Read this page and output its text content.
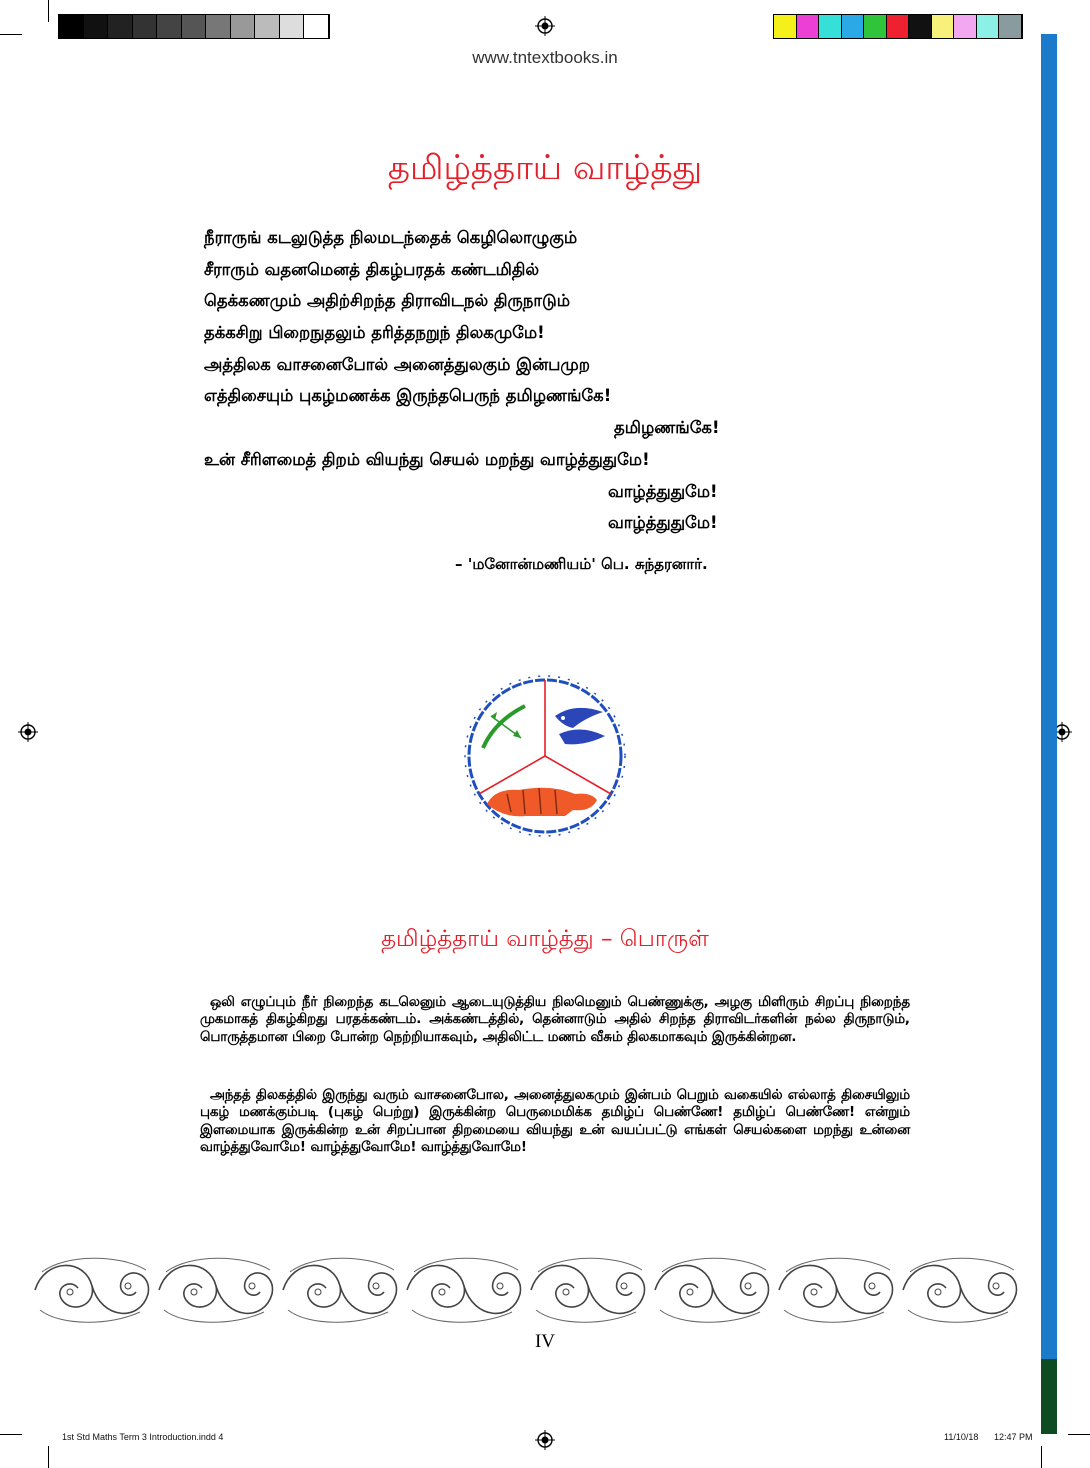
www.tntextbooks.in
தமிழ்த்தாய் வாழ்த்து
நீராருங் கடலுடுத்த நிலமடந்தைக் கெழிலொழுகும்
சீராரும் வதனமெனத் திகழ்பரதக் கண்டமிதில்
தெக்கணமும் அதிற்சிறந்த திராவிடநல் திருநாடும்
தக்கசிறு பிறைநுதலும் தரித்தநறுந் திலகமுமே!
அத்திலக வாசனைபோல் அனைத்துலகும் இன்பமுற
எத்திசையும் புகழ்மணக்க இருந்தபெருந் தமிழணங்கே!
தமிழணங்கே!
உன் சீரிளமைத் திறம் வியந்து செயல் மறந்து வாழ்த்துதுமே!
வாழ்த்துதுமே!
வாழ்த்துதுமே!
– 'மனோன்மணியம்' பெ. சுந்தரனார்.
தமிழ்த்தாய் வாழ்த்து – பொருள்
ஒலி எழுப்பும் நீர் நிறைந்த கடலெனும் ஆடையுடுத்திய நிலமெனும் பெண்ணுக்கு, அழகு மிளிரும் சிறப்பு நிறைந்த முகமாகத் திகழ்கிறது பரதக்கண்டம். அக்கண்டத்தில், தென்னாடும் அதில் சிறந்த திராவிடர்களின் நல்ல திருநாடும், பொருத்தமான பிறை போன்ற நெற்றியாகவும், அதிலிட்ட மணம் வீசும் திலகமாகவும் இருக்கின்றன.
அந்தத் திலகத்தில் இருந்து வரும் வாசனைபோல, அனைத்துலகமும் இன்பம் பெறும் வகையில் எல்லாத் திசையிலும் புகழ் மணக்கும்படி (புகழ் பெற்று) இருக்கின்ற பெருமைமிக்க தமிழ்ப் பெண்ணே! தமிழ்ப் பெண்ணே! என்றும் இளமையாக இருக்கின்ற உன் சிறப்பான திறமையை வியந்து உன் வயப்பட்டு எங்கள் செயல்களை மறந்து உன்னை வாழ்த்துவோமே! வாழ்த்துவோமே! வாழ்த்துவோமே!
IV
1st Std Maths Term 3 Introduction.indd 4	11/10/18 12:47 PM
